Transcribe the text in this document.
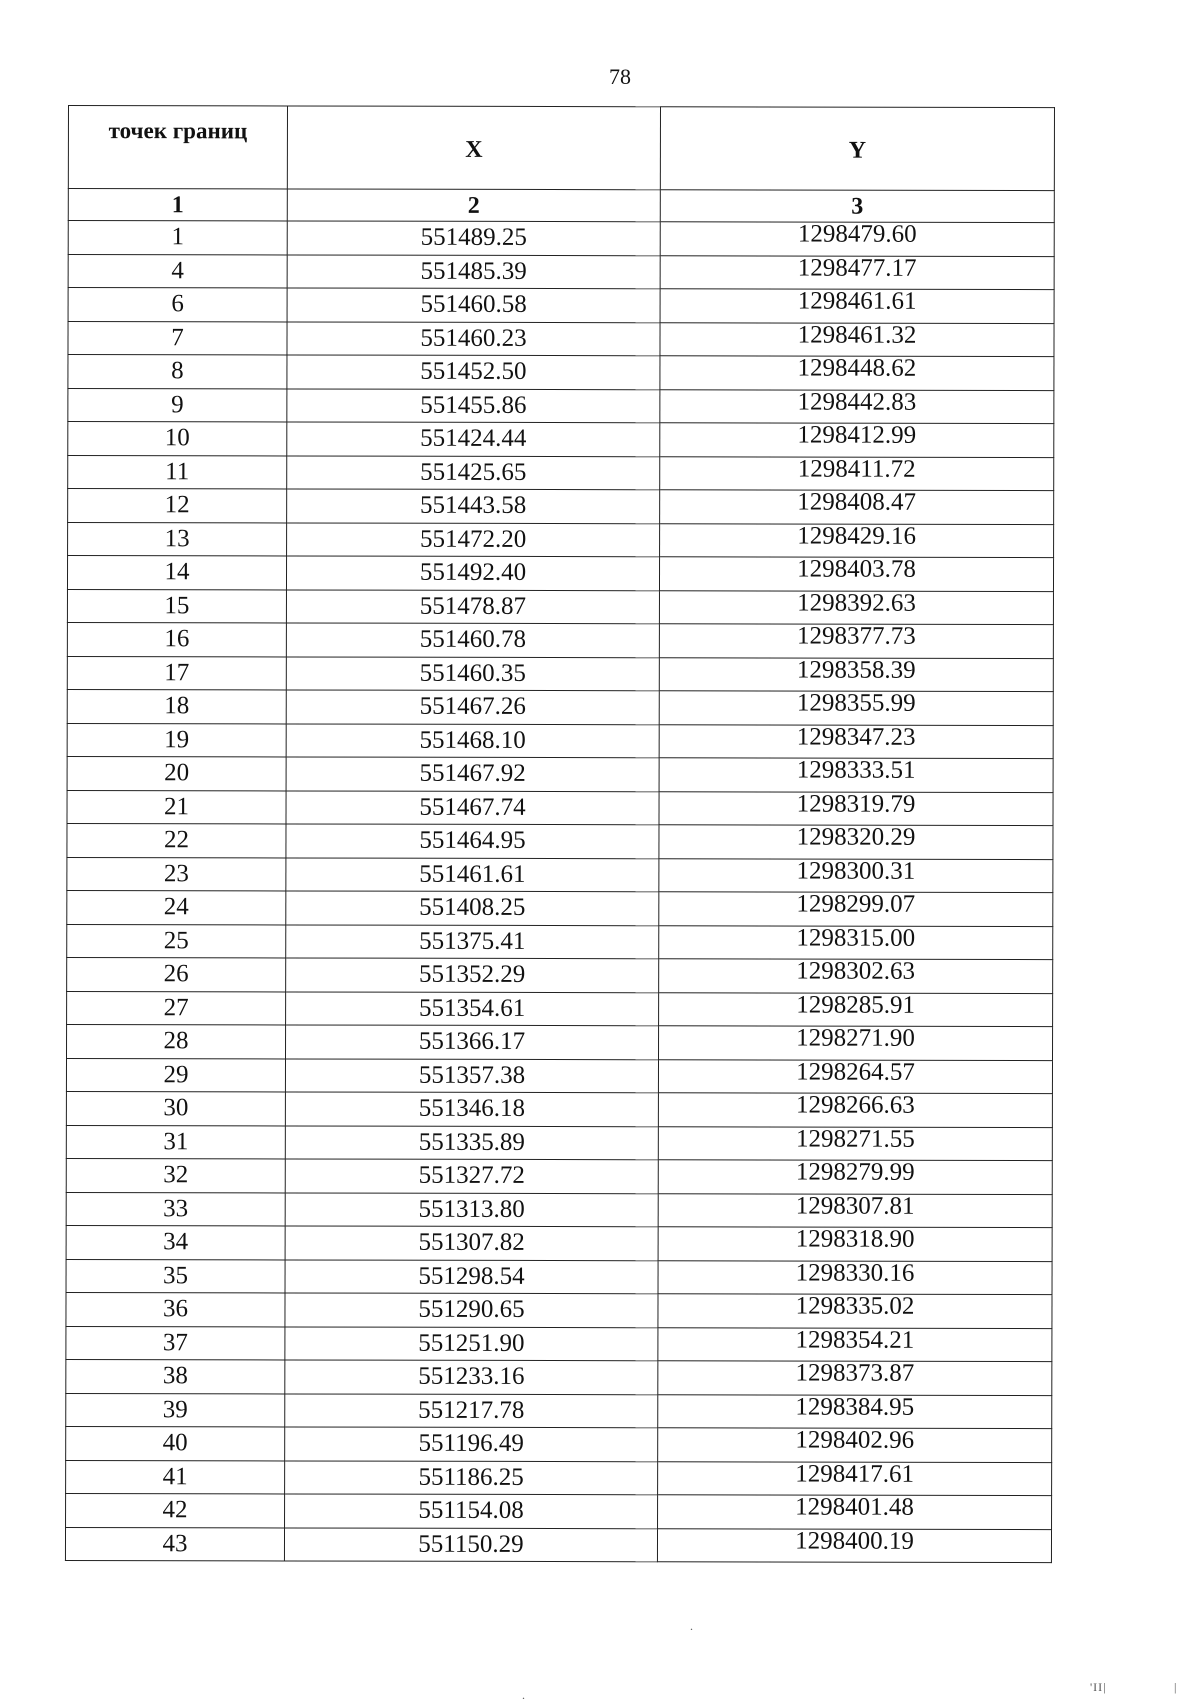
78
точек границ	X	Y
1	2	3
1	551489.25	1298479.60
4	551485.39	1298477.17
6	551460.58	1298461.61
7	551460.23	1298461.32
8	551452.50	1298448.62
9	551455.86	1298442.83
10	551424.44	1298412.99
11	551425.65	1298411.72
12	551443.58	1298408.47
13	551472.20	1298429.16
14	551492.40	1298403.78
15	551478.87	1298392.63
16	551460.78	1298377.73
17	551460.35	1298358.39
18	551467.26	1298355.99
19	551468.10	1298347.23
20	551467.92	1298333.51
21	551467.74	1298319.79
22	551464.95	1298320.29
23	551461.61	1298300.31
24	551408.25	1298299.07
25	551375.41	1298315.00
26	551352.29	1298302.63
27	551354.61	1298285.91
28	551366.17	1298271.90
29	551357.38	1298264.57
30	551346.18	1298266.63
31	551335.89	1298271.55
32	551327.72	1298279.99
33	551313.80	1298307.81
34	551307.82	1298318.90
35	551298.54	1298330.16
36	551290.65	1298335.02
37	551251.90	1298354.21
38	551233.16	1298373.87
39	551217.78	1298384.95
40	551196.49	1298402.96
41	551186.25	1298417.61
42	551154.08	1298401.48
43	551150.29	1298400.19
.
.
'II|	|
